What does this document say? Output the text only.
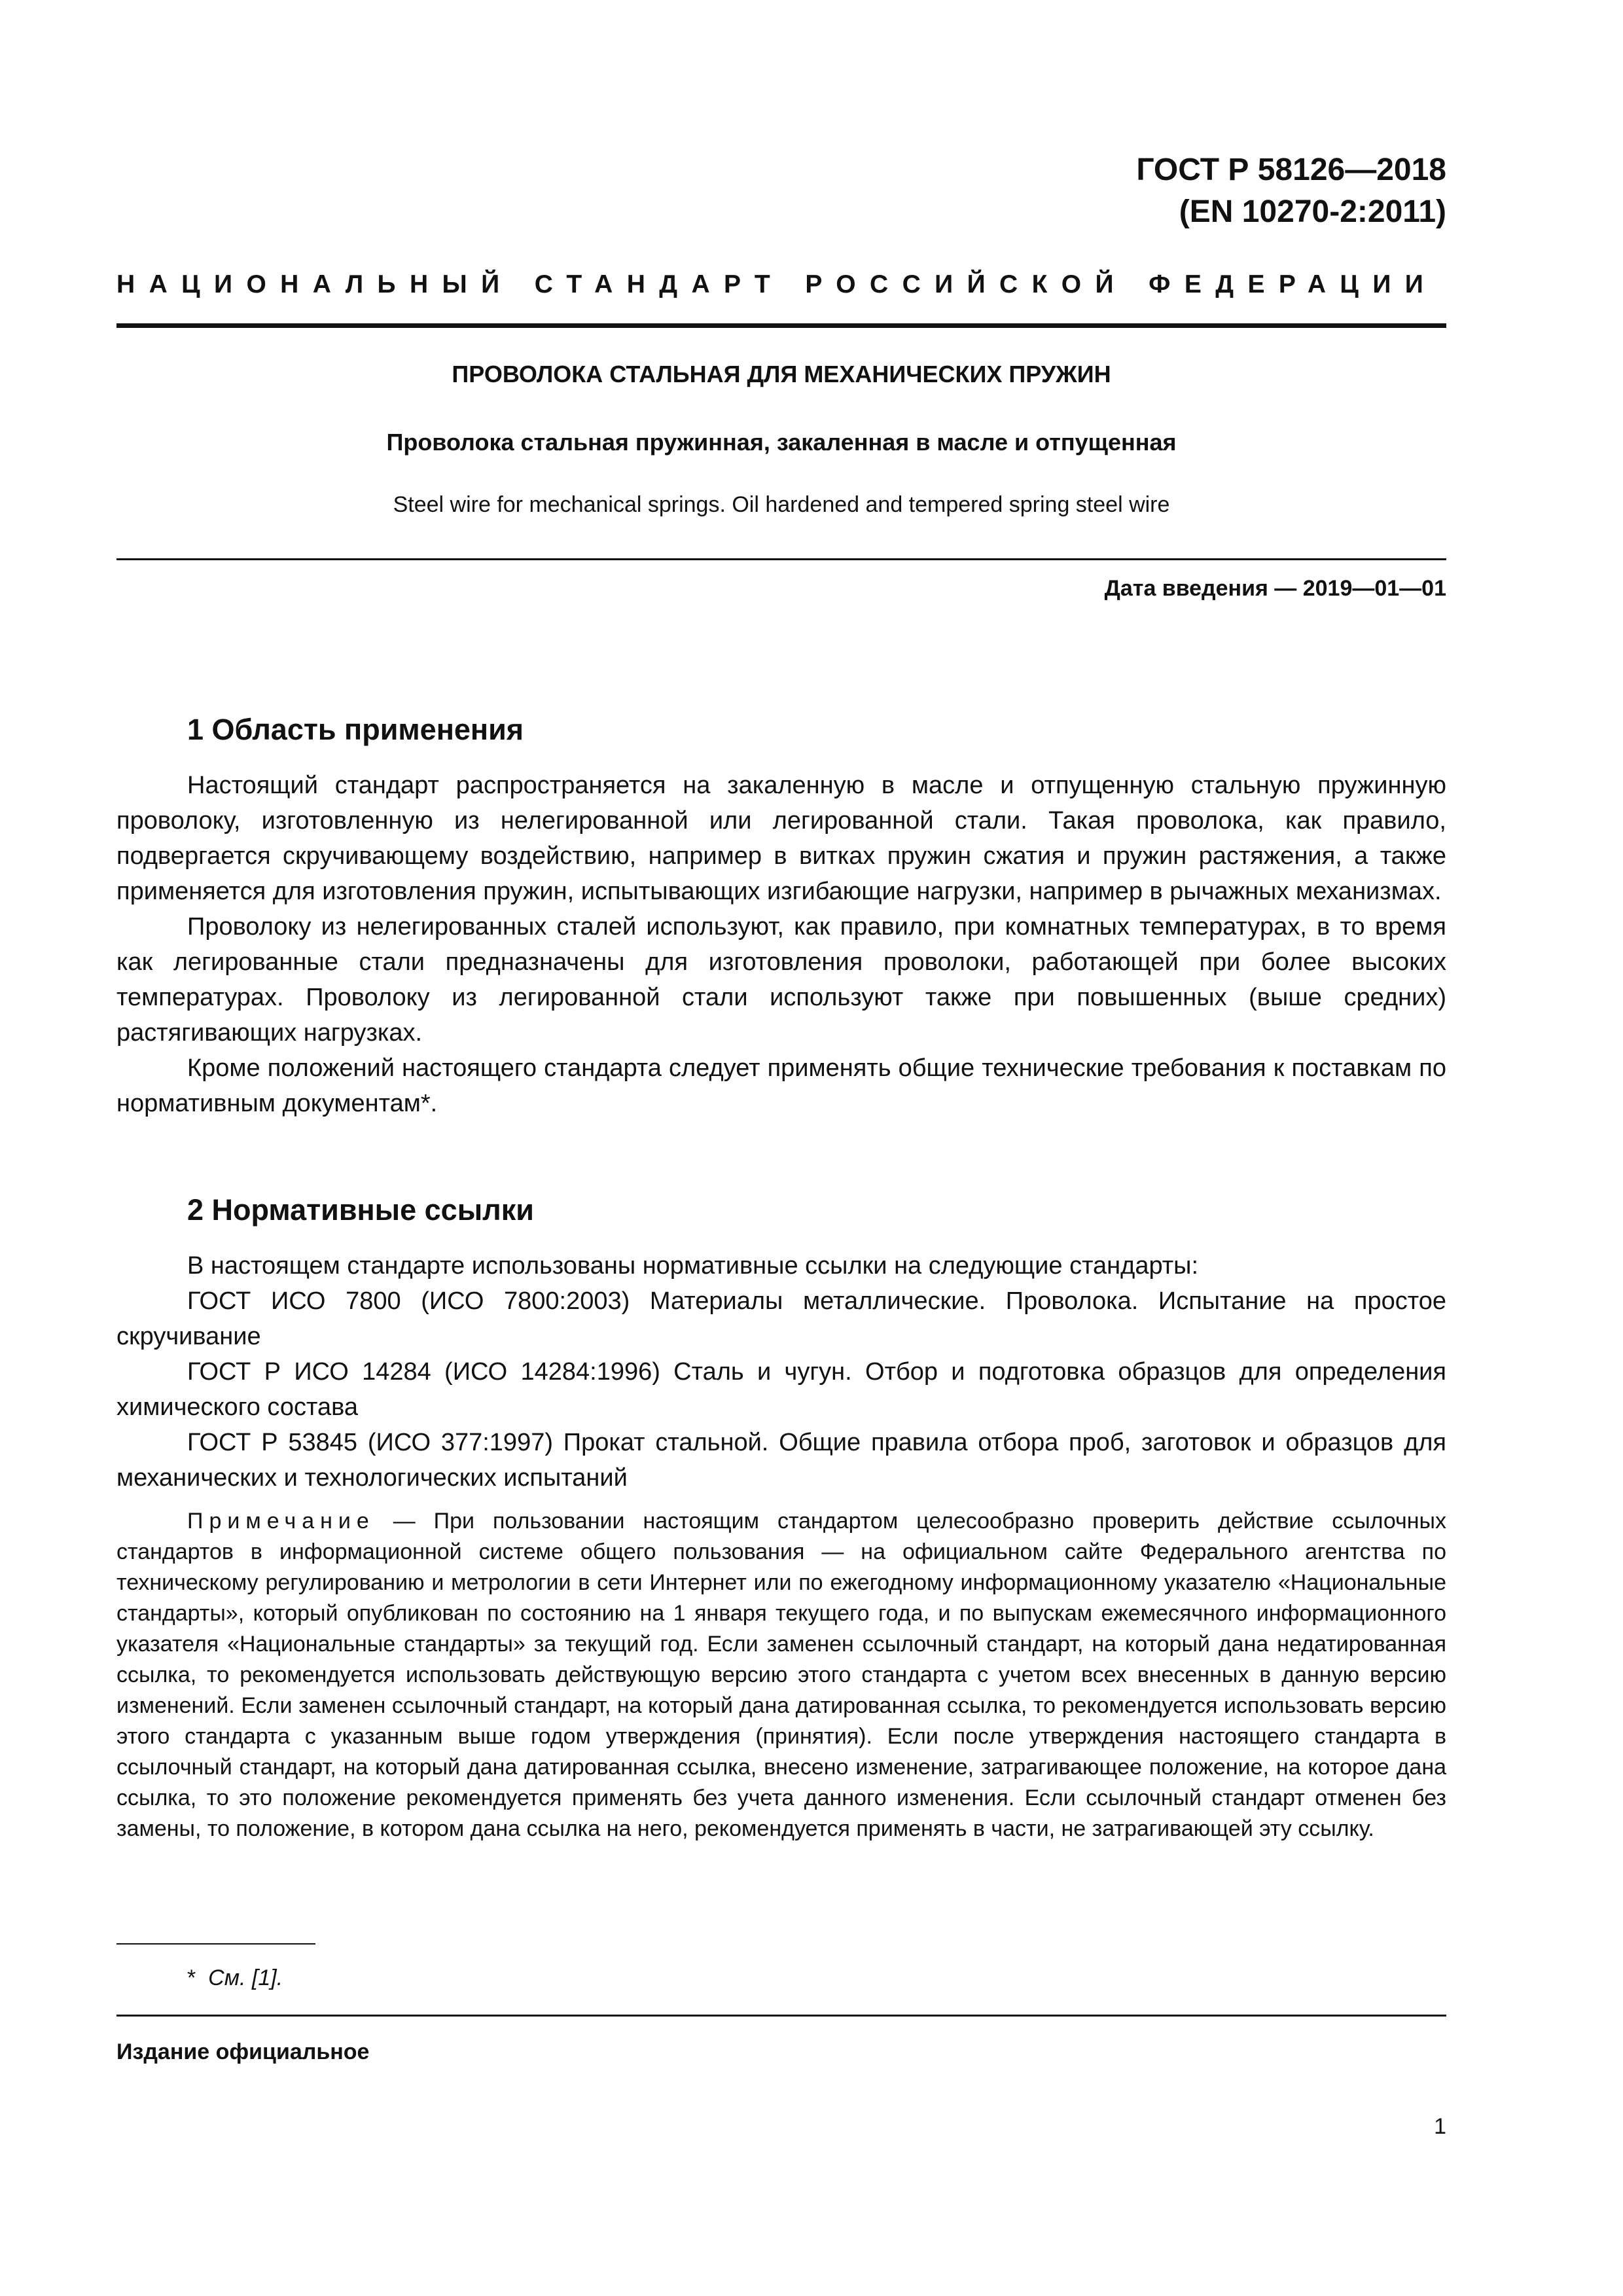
ГОСТ Р 58126—2018
(EN 10270-2:2011)
НАЦИОНАЛЬНЫЙ СТАНДАРТ РОССИЙСКОЙ ФЕДЕРАЦИИ
ПРОВОЛОКА СТАЛЬНАЯ ДЛЯ МЕХАНИЧЕСКИХ ПРУЖИН
Проволока стальная пружинная, закаленная в масле и отпущенная
Steel wire for mechanical springs. Oil hardened and tempered spring steel wire
Дата введения — 2019—01—01
1 Область применения

Настоящий стандарт распространяется на закаленную в масле и отпущенную стальную пружинную проволоку, изготовленную из нелегированной или легированной стали. Такая проволока, как правило, подвергается скручивающему воздействию, например в витках пружин сжатия и пружин растяжения, а также применяется для изготовления пружин, испытывающих изгибающие нагрузки, например в рычажных механизмах.

Проволоку из нелегированных сталей используют, как правило, при комнатных температурах, в то время как легированные стали предназначены для изготовления проволоки, работающей при более высоких температурах. Проволоку из легированной стали используют также при повышенных (выше средних) растягивающих нагрузках.

Кроме положений настоящего стандарта следует применять общие технические требования к поставкам по нормативным документам*.

2 Нормативные ссылки

В настоящем стандарте использованы нормативные ссылки на следующие стандарты:

ГОСТ ИСО 7800 (ИСО 7800:2003) Материалы металлические. Проволока. Испытание на простое скручивание

ГОСТ Р ИСО 14284 (ИСО 14284:1996) Сталь и чугун. Отбор и подготовка образцов для определения химического состава

ГОСТ Р 53845 (ИСО 377:1997) Прокат стальной. Общие правила отбора проб, заготовок и образцов для механических и технологических испытаний

Примечание — При пользовании настоящим стандартом целесообразно проверить действие ссылочных стандартов в информационной системе общего пользования — на официальном сайте Федерального агентства по техническому регулированию и метрологии в сети Интернет или по ежегодному информационному указателю «Национальные стандарты», который опубликован по состоянию на 1 января текущего года, и по выпускам ежемесячного информационного указателя «Национальные стандарты» за текущий год. Если заменен ссылочный стандарт, на который дана недатированная ссылка, то рекомендуется использовать действующую версию этого стандарта с учетом всех внесенных в данную версию изменений. Если заменен ссылочный стандарт, на который дана датированная ссылка, то рекомендуется использовать версию этого стандарта с указанным выше годом утверждения (принятия). Если после утверждения настоящего стандарта в ссылочный стандарт, на который дана датированная ссылка, внесено изменение, затрагивающее положение, на которое дана ссылка, то это положение рекомендуется применять без учета данного изменения. Если ссылочный стандарт отменен без замены, то положение, в котором дана ссылка на него, рекомендуется применять в части, не затрагивающей эту ссылку.

* См. [1].
Издание официальное
1
